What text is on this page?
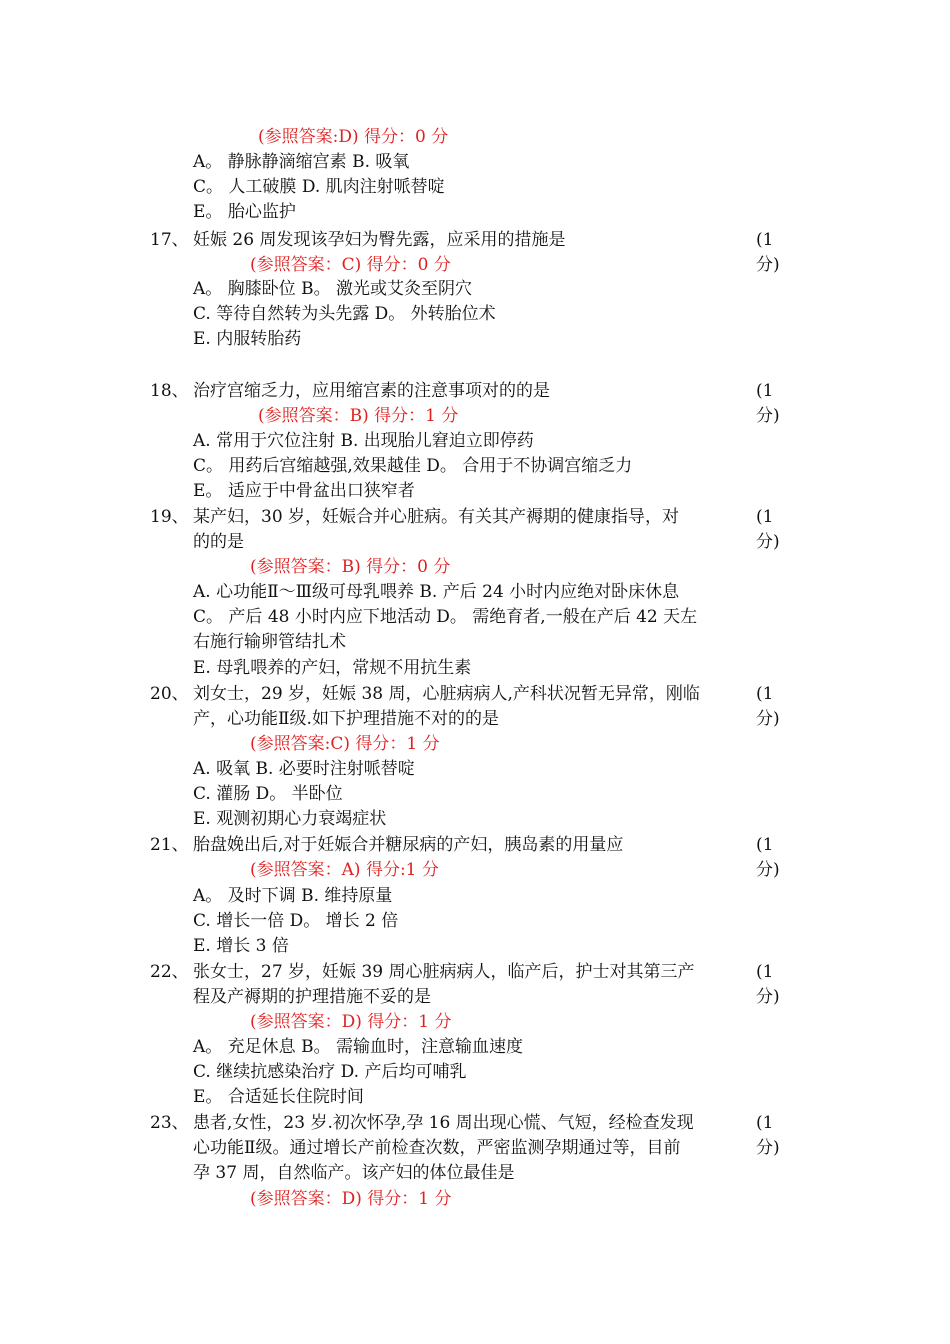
(参照答案:D) 得分：0 分
A。 静脉静滴缩宫素 B. 吸氧
C。 人工破膜 D. 肌肉注射哌替啶
E。 胎心监护
17、 妊娠 26 周发现该孕妇为臀先露，应采用的措施是	(1
分)
(参照答案：C) 得分：0 分
A。 胸膝卧位 B。 激光或艾灸至阴穴
C. 等待自然转为头先露 D。 外转胎位术
E. 内服转胎药
18、 治疗宫缩乏力，应用缩宫素的注意事项对的的是	(1
分)
(参照答案：B) 得分：1 分
A. 常用于穴位注射 B. 出现胎儿窘迫立即停药
C。 用药后宫缩越强,效果越佳 D。 合用于不协调宫缩乏力
E。 适应于中骨盆出口狭窄者
19、 某产妇，30 岁，妊娠合并心脏病。有关其产褥期的健康指导，对
的的是
(1
分)
(参照答案：B) 得分：0 分
A. 心功能Ⅱ～Ⅲ级可母乳喂养 B. 产后 24 小时内应绝对卧床休息
C。 产后 48 小时内应下地活动 D。 需绝育者,一般在产后 42 天左
右施行输卵管结扎术
E. 母乳喂养的产妇，常规不用抗生素
20、 刘女士，29 岁，妊娠 38 周，心脏病病人,产科状况暂无异常，刚临
产，心功能Ⅱ级.如下护理措施不对的的是
(1
分)
(参照答案:C) 得分：1 分
A. 吸氧 B. 必要时注射哌替啶
C. 灌肠 D。 半卧位
E. 观测初期心力衰竭症状
21、 胎盘娩出后,对于妊娠合并糖尿病的产妇，胰岛素的用量应	(1
分)
(参照答案：A) 得分:1 分
A。 及时下调 B. 维持原量
C. 增长一倍 D。 增长 2 倍
E. 增长 3 倍
22、 张女士，27 岁，妊娠 39 周心脏病病人，临产后，护士对其第三产
程及产褥期的护理措施不妥的是
(1
分)
(参照答案：D) 得分：1 分
A。 充足休息 B。 需输血时，注意输血速度
C. 继续抗感染治疗 D. 产后均可哺乳
E。 合适延长住院时间
23、 患者,女性，23 岁.初次怀孕,孕 16 周出现心慌、气短，经检查发现
心功能Ⅱ级。通过增长产前检查次数，严密监测孕期通过等，目前
孕 37 周，自然临产。该产妇的体位最佳是
(1
分)
(参照答案：D) 得分：1 分
